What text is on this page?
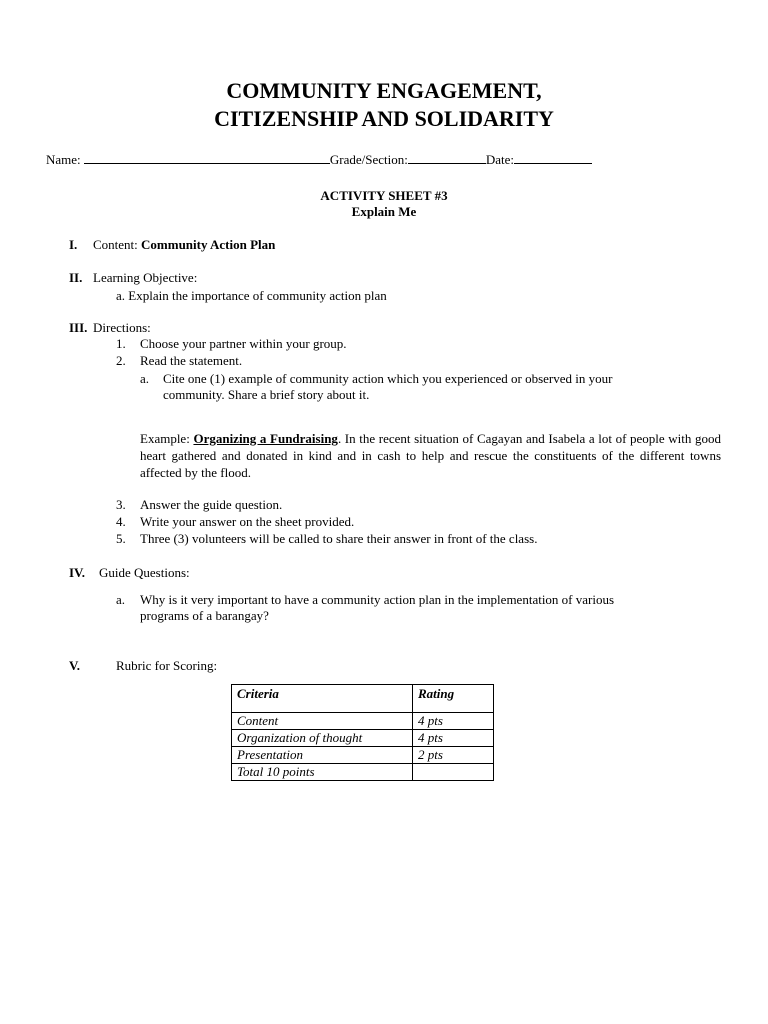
COMMUNITY ENGAGEMENT,
CITIZENSHIP AND SOLIDARITY
Name:	Grade/Section:	Date:
ACTIVITY SHEET #3
Explain Me
I. Content: Community Action Plan
II. Learning Objective:
a. Explain the importance of community action plan
III. Directions:
1. Choose your partner within your group.
2. Read the statement.
a. Cite one (1) example of community action which you experienced or observed in your
community. Share a brief story about it.
Example: Organizing a Fundraising. In the recent situation of Cagayan and Isabela a lot of people with good heart gathered and donated in kind and in cash to help and rescue the constituents of the different towns affected by the flood.
3. Answer the guide question.
4. Write your answer on the sheet provided.
5. Three (3) volunteers will be called to share their answer in front of the class.
IV. Guide Questions:
a. Why is it very important to have a community action plan in the implementation of various
programs of a barangay?
V.	Rubric for Scoring:
Criteria	Rating
Content	4 pts
Organization of thought	4 pts
Presentation	2 pts
Total 10 points	
